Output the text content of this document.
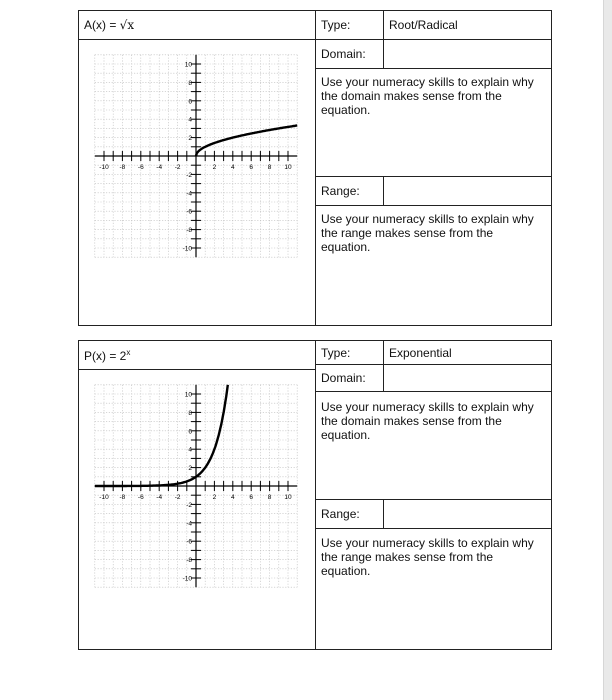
A(x) = √x
-10 -8 -6 -4 -2	2 4 6 8 10
10
8
6
4
2
-2
-4
-6
-8
-10
Type:	Root/Radical
Domain:
Use your numeracy skills to explain why the domain makes sense from the equation.
Range:
Use your numeracy skills to explain why the range makes sense from the equation.
$P(x) = 2^x$
-10 -8 -6 -4 -2	2 4 6 8 10
10
8
6
4
2
-2
-4
-6
-8
-10
Type:	Exponential
Domain:
Use your numeracy skills to explain why the domain makes sense from the equation.
Range:
Use your numeracy skills to explain why the range makes sense from the equation.
